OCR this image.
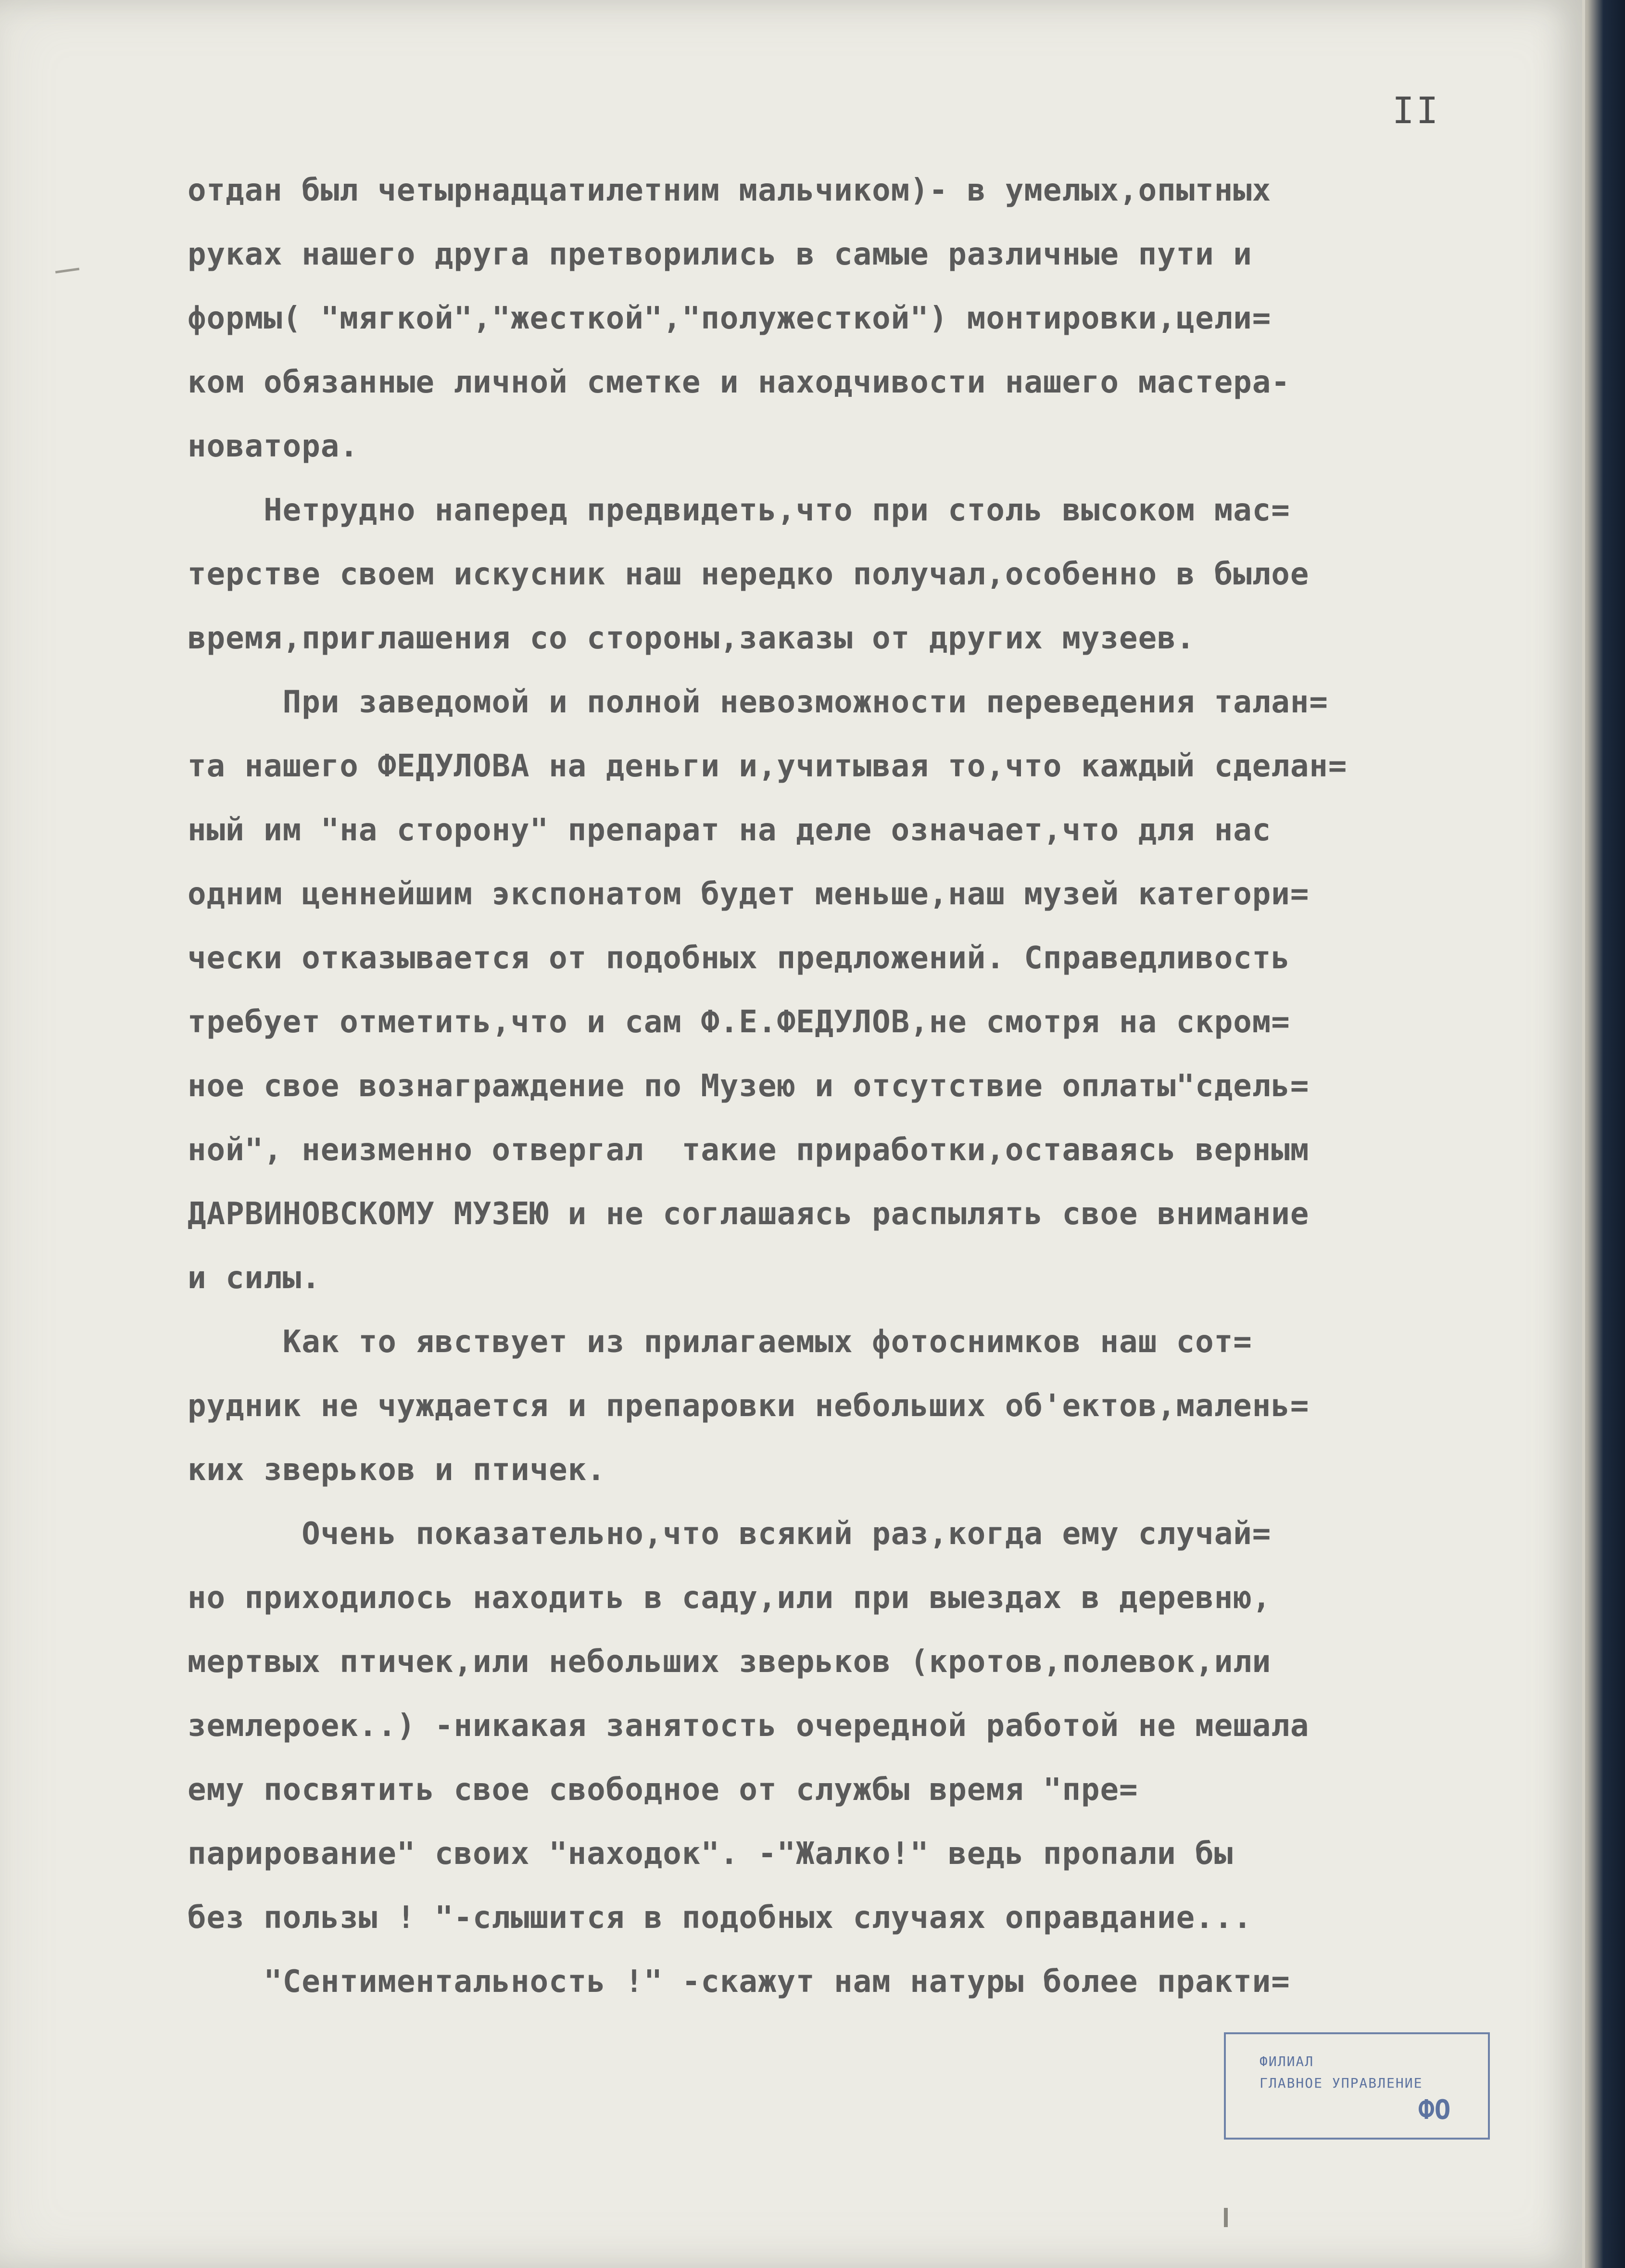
II
отдан был четырнадцатилетним мальчиком)- в умелых,опытных
руках нашего друга претворились в самые различные пути и
формы( "мягкой","жесткой","полужесткой") монтировки,цели=
ком обязанные личной сметке и находчивости нашего мастера-
новатора.
Нетрудно наперед предвидеть,что при столь высоком мас=
терстве своем искусник наш нередко получал,особенно в былое
время,приглашения со стороны,заказы от других музеев.
При заведомой и полной невозможности переведения талан=
та нашего ФЕДУЛОВА на деньги и,учитывая то,что каждый сделан=
ный им "на сторону" препарат на деле означает,что для нас
одним ценнейшим экспонатом будет меньше,наш музей категори=
чески отказывается от подобных предложений. Справедливость
требует отметить,что и сам Ф.Е.ФЕДУЛОВ,не смотря на скром=
ное свое вознаграждение по Музею и отсутствие оплаты"сдель=
ной", неизменно отвергал  такие приработки,оставаясь верным
ДАРВИНОВСКОМУ МУЗЕЮ и не соглашаясь распылять свое внимание
и силы.
Как то явствует из прилагаемых фотоснимков наш сот=
рудник не чуждается и препаровки небольших об'ектов,малень=
ких зверьков и птичек.
Очень показательно,что всякий раз,когда ему случай=
но приходилось находить в саду,или при выездах в деревню,
мертвых птичек,или небольших зверьков (кротов,полевок,или
землероек..) -никакая занятость очередной работой не мешала
ему посвятить свое свободное от службы время "пре=
парирование" своих "находок". -"Жалко!" ведь пропали бы
без пользы ! "-слышится в подобных случаях оправдание...
"Сентиментальность !" -скажут нам натуры более практи=
ФИЛИАЛ
ГЛАВНОЕ УПРАВЛЕНИЕ
ФО
